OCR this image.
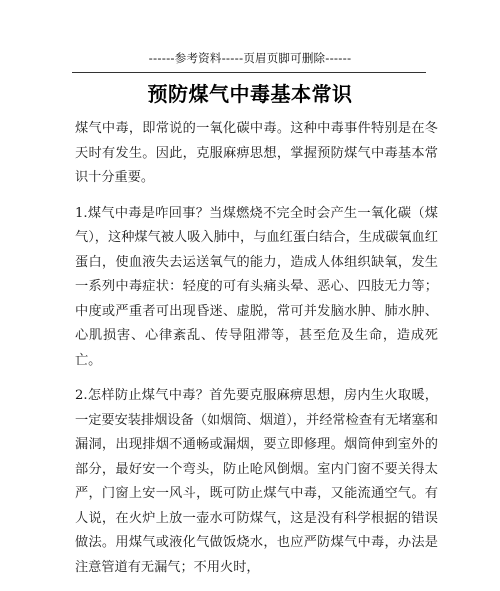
------参考资料-----页眉页脚可删除------
预防煤气中毒基本常识

煤气中毒，即常说的一氧化碳中毒。这种中毒事件特别是在冬天时有发生。因此，克服麻痹思想，掌握预防煤气中毒基本常识十分重要。

1.煤气中毒是咋回事？当煤燃烧不完全时会产生一氧化碳（煤气），这种煤气被人吸入肺中，与血红蛋白结合，生成碳氧血红蛋白，使血液失去运送氧气的能力，造成人体组织缺氧，发生一系列中毒症状：轻度的可有头痛头晕、恶心、四肢无力等；中度或严重者可出现昏迷、虚脱，常可并发脑水肿、肺水肿、心肌损害、心律紊乱、传导阻滞等，甚至危及生命，造成死亡。

2.怎样防止煤气中毒？首先要克服麻痹思想，房内生火取暖，一定要安装排烟设备（如烟筒、烟道），并经常检查有无堵塞和漏洞，出现排烟不通畅或漏烟，要立即修理。烟筒伸到室外的部分，最好安一个弯头，防止呛风倒烟。室内门窗不要关得太严，门窗上安一风斗，既可防止煤气中毒，又能流通空气。有人说，在火炉上放一壶水可防煤气，这是没有科学根据的错误做法。用煤气或液化气做饭烧水，也应严防煤气中毒，办法是注意管道有无漏气；不用火时，
